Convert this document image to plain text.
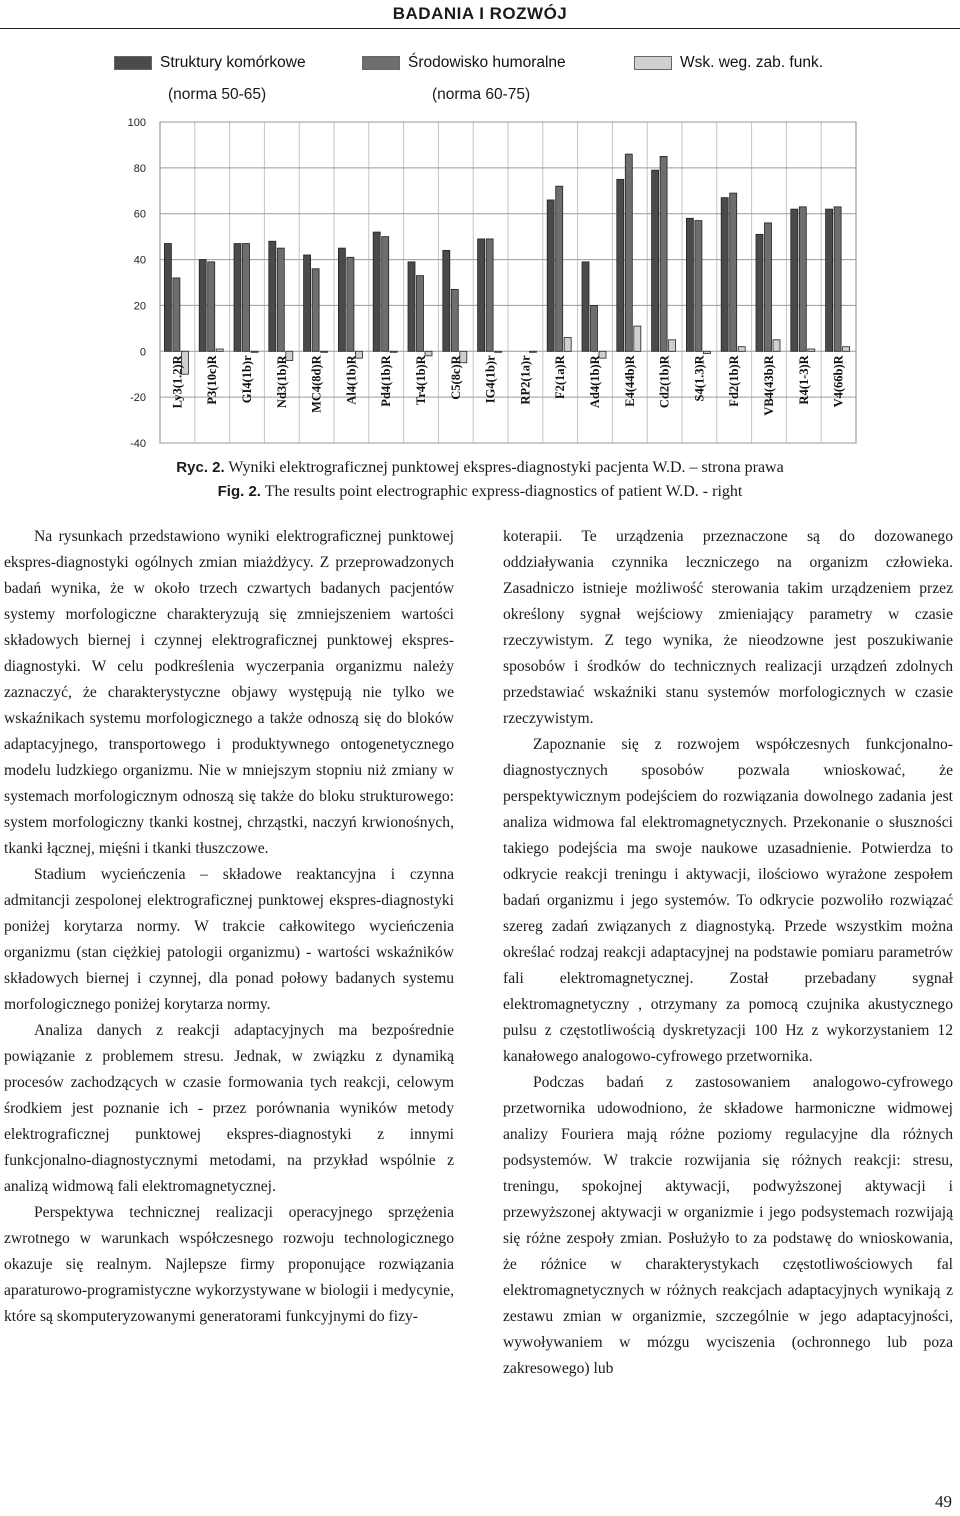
BADANIA I ROZWÓJ
Struktury komórkowe	Środowisko humoralne	Wsk. weg. zab. funk.
(norma 50-65)	(norma 60-75)
100
80
60
40
20
0
-20
-40
Ly3(1.2)R P3(10c)R GI4(1b)r Nd3(1b)R MC4(8d)R Al4(1b)R Pd4(1b)R Tr4(1b)R C5(8c)R IG4(1b)r RP2(1a)r F2(1a)R Ad4(1b)R E4(44b)R Cd2(1b)R S4(1.3)R Fd2(1b)R VB4(43b)R R4(1-3)R V4(66b)R
Ryc. 2. Wyniki elektrograficznej punktowej ekspres-diagnostyki pacjenta W.D. – strona prawa
Fig. 2. The results point electrographic express-diagnostics of patient W.D. - right

Na rysunkach przedstawiono wyniki elektrograficznej punktowej ekspres-diagnostyki ogólnych zmian miażdżycy. Z przeprowadzonych badań wynika, że w około trzech czwartych badanych pacjentów systemy morfologiczne charakteryzują się zmniejszeniem wartości składowych biernej i czynnej elektrograficznej punktowej ekspres-diagnostyki. W celu podkreślenia wyczerpania organizmu należy zaznaczyć, że charakterystyczne objawy występują nie tylko we wskaźnikach systemu morfologicznego a także odnoszą się do bloków adaptacyjnego, transportowego i produktywnego ontogenetycznego modelu ludzkiego organizmu. Nie w mniejszym stopniu niż zmiany w systemach morfologicznym odnoszą się także do bloku strukturowego: system morfologiczny tkanki kostnej, chrząstki, naczyń krwionośnych, tkanki łącznej, mięśni i tkanki tłuszczowe.

Stadium wycieńczenia – składowe reaktancyjna i czynna admitancji zespolonej elektrograficznej punktowej ekspres-diagnostyki poniżej korytarza normy. W trakcie całkowitego wycieńczenia organizmu (stan ciężkiej patologii organizmu) - wartości wskaźników składowych biernej i czynnej, dla ponad połowy badanych systemu morfologicznego poniżej korytarza normy.

Analiza danych z reakcji adaptacyjnych ma bezpośrednie powiązanie z problemem stresu. Jednak, w związku z dynamiką procesów zachodzących w czasie formowania tych reakcji, celowym środkiem jest poznanie ich - przez porównania wyników metody elektrograficznej punktowej ekspres-diagnostyki z innymi funkcjonalno-diagnostycznymi metodami, na przykład wspólnie z analizą widmową fali elektromagnetycznej.

Perspektywa technicznej realizacji operacyjnego sprzężenia zwrotnego w warunkach współczesnego rozwoju technologicznego okazuje się realnym. Najlepsze firmy proponujące rozwiązania aparaturowo-programistyczne wykorzystywane w biologii i medycynie, które są skomputeryzowanymi generatorami funkcyjnymi do fizy-

koterapii. Te urządzenia przeznaczone są do dozowanego oddziaływania czynnika leczniczego na organizm człowieka. Zasadniczo istnieje możliwość sterowania takim urządzeniem przez określony sygnał wejściowy zmieniający parametry w czasie rzeczywistym. Z tego wynika, że nieodzowne jest poszukiwanie sposobów i środków do technicznych realizacji urządzeń zdolnych przedstawiać wskaźniki stanu systemów morfologicznych w czasie rzeczywistym.

Zapoznanie się z rozwojem współczesnych funkcjonalno-diagnostycznych sposobów pozwala wnioskować, że perspektywicznym podejściem do rozwiązania dowolnego zadania jest analiza widmowa fal elektromagnetycznych. Przekonanie o słuszności takiego podejścia ma swoje naukowe uzasadnienie. Potwierdza to odkrycie reakcji treningu i aktywacji, ilościowo wyrażone zespołem badań organizmu i jego systemów. To odkrycie pozwoliło rozwiązać szereg zadań związanych z diagnostyką. Przede wszystkim można określać rodzaj reakcji adaptacyjnej na podstawie pomiaru parametrów fali elektromagnetycznej. Został przebadany sygnał elektromagnetyczny , otrzymany za pomocą czujnika akustycznego pulsu z częstotliwością dyskretyzacji 100 Hz z wykorzystaniem 12 kanałowego analogowo-cyfrowego przetwornika.

Podczas badań z zastosowaniem analogowo-cyfrowego przetwornika udowodniono, że składowe harmoniczne widmowej analizy Fouriera mają różne poziomy regulacyjne dla różnych podsystemów. W trakcie rozwijania się różnych reakcji: stresu, treningu, spokojnej aktywacji, podwyższonej aktywacji i przewyższonej aktywacji w organizmie i jego podsystemach rozwijają się różne zespoły zmian. Posłużyło to za podstawę do wnioskowania, że różnice w charakterystykach częstotliwościowych fal elektromagnetycznych w różnych reakcjach adaptacyjnych wynikają z zestawu zmian w organizmie, szczególnie w jego adaptacyjności, wywoływaniem w mózgu wyciszenia (ochronnego lub poza zakresowego) lub

49
